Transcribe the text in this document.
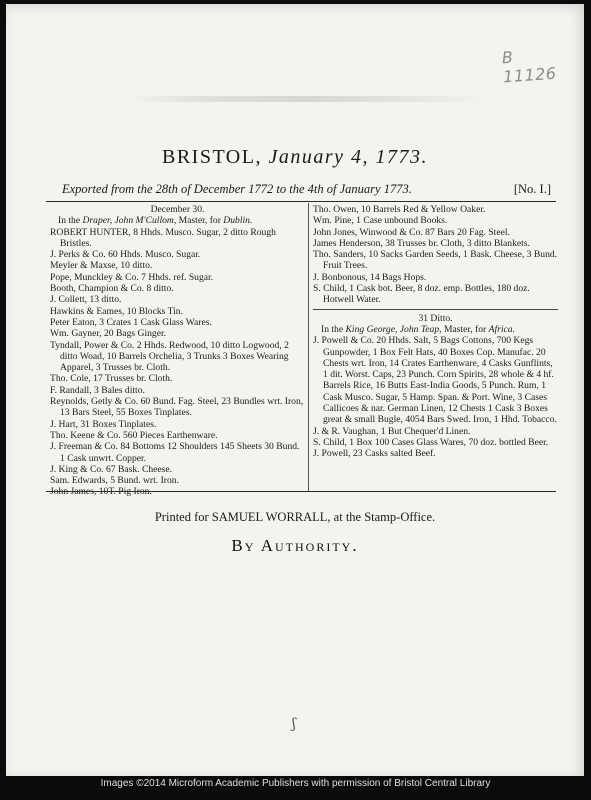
B 11126
BRISTOL, January 4, 1773.
Exported from the 28th of December 1772 to the 4th of January 1773.	[No. I.]

December 30.

In the Draper, John M'Cullom, Master, for Dublin.

ROBERT HUNTER, 8 Hhds. Musco. Sugar, 2 ditto Rough Bristles.

J. Perks & Co. 60 Hhds. Musco. Sugar.

Meyler & Maxse, 10 ditto.

Pope, Munckley & Co. 7 Hhds. ref. Sugar.

Booth, Champion & Co. 8 ditto.

J. Collett, 13 ditto.

Hawkins & Eames, 10 Blocks Tin.

Peter Eaton, 3 Crates 1 Cask Glass Wares.

Wm. Gayner, 20 Bags Ginger.

Tyndall, Power & Co. 2 Hhds. Redwood, 10 ditto Logwood, 2 ditto Woad, 10 Barrels Orchelia, 3 Trunks 3 Boxes Wearing Apparel, 3 Trusses br. Cloth.

Tho. Cole, 17 Trusses br. Cloth.

F. Randall, 3 Bales ditto.

Reynolds, Getly & Co. 60 Bund. Fag. Steel, 23 Bundles wrt. Iron, 13 Bars Steel, 55 Boxes Tinplates.

J. Hart, 31 Boxes Tinplates.

Tho. Keene & Co. 560 Pieces Earthenware.

J. Freeman & Co. 84 Bottoms 12 Shoulders 145 Sheets 30 Bund. 1 Cask unwrt. Copper.

J. King & Co. 67 Bask. Cheese.

Sam. Edwards, 5 Bund. wrt. Iron.

John James, 10T. Pig Iron.

Tho. Owen, 10 Barrels Red & Yellow Oaker.

Wm. Pine, 1 Case unbound Books.

John Jones, Winwood & Co. 87 Bars 20 Fag. Steel.

James Henderson, 38 Trusses br. Cloth, 3 ditto Blankets.

Tho. Sanders, 10 Sacks Garden Seeds, 1 Bask. Cheese, 3 Bund. Fruit Trees.

J. Bonbonous, 14 Bags Hops.

S. Child, 1 Cask bot. Beer, 8 doz. emp. Bottles, 180 doz. Hotwell Water.

31 Ditto.

In the King George, John Teap, Master, for Africa.

J. Powell & Co. 20 Hhds. Salt, 5 Bags Cottons, 700 Kegs Gunpowder, 1 Box Felt Hats, 40 Boxes Cop. Manufac. 20 Chests wrt. Iron, 14 Crates Earthenware, 4 Casks Gunflints, 1 dit. Worst. Caps, 23 Punch. Corn Spirits, 28 whole & 4 hf. Barrels Rice, 16 Butts East-India Goods, 5 Punch. Rum, 1 Cask Musco. Sugar, 5 Hamp. Span. & Port. Wine, 3 Cases Callicoes & nar. German Linen, 12 Chests 1 Cask 3 Boxes great & small Bugle, 4054 Bars Swed. Iron, 1 Hhd. Tobacco.

J. & R. Vaughan, 1 But Chequer'd Linen.

S. Child, 1 Box 100 Cases Glass Wares, 70 doz. bottled Beer.

J. Powell, 23 Casks salted Beef.

Printed for SAMUEL WORRALL, at the Stamp-Office.
By Authority.
ʃ
Images ©2014 Microform Academic Publishers with permission of Bristol Central Library
